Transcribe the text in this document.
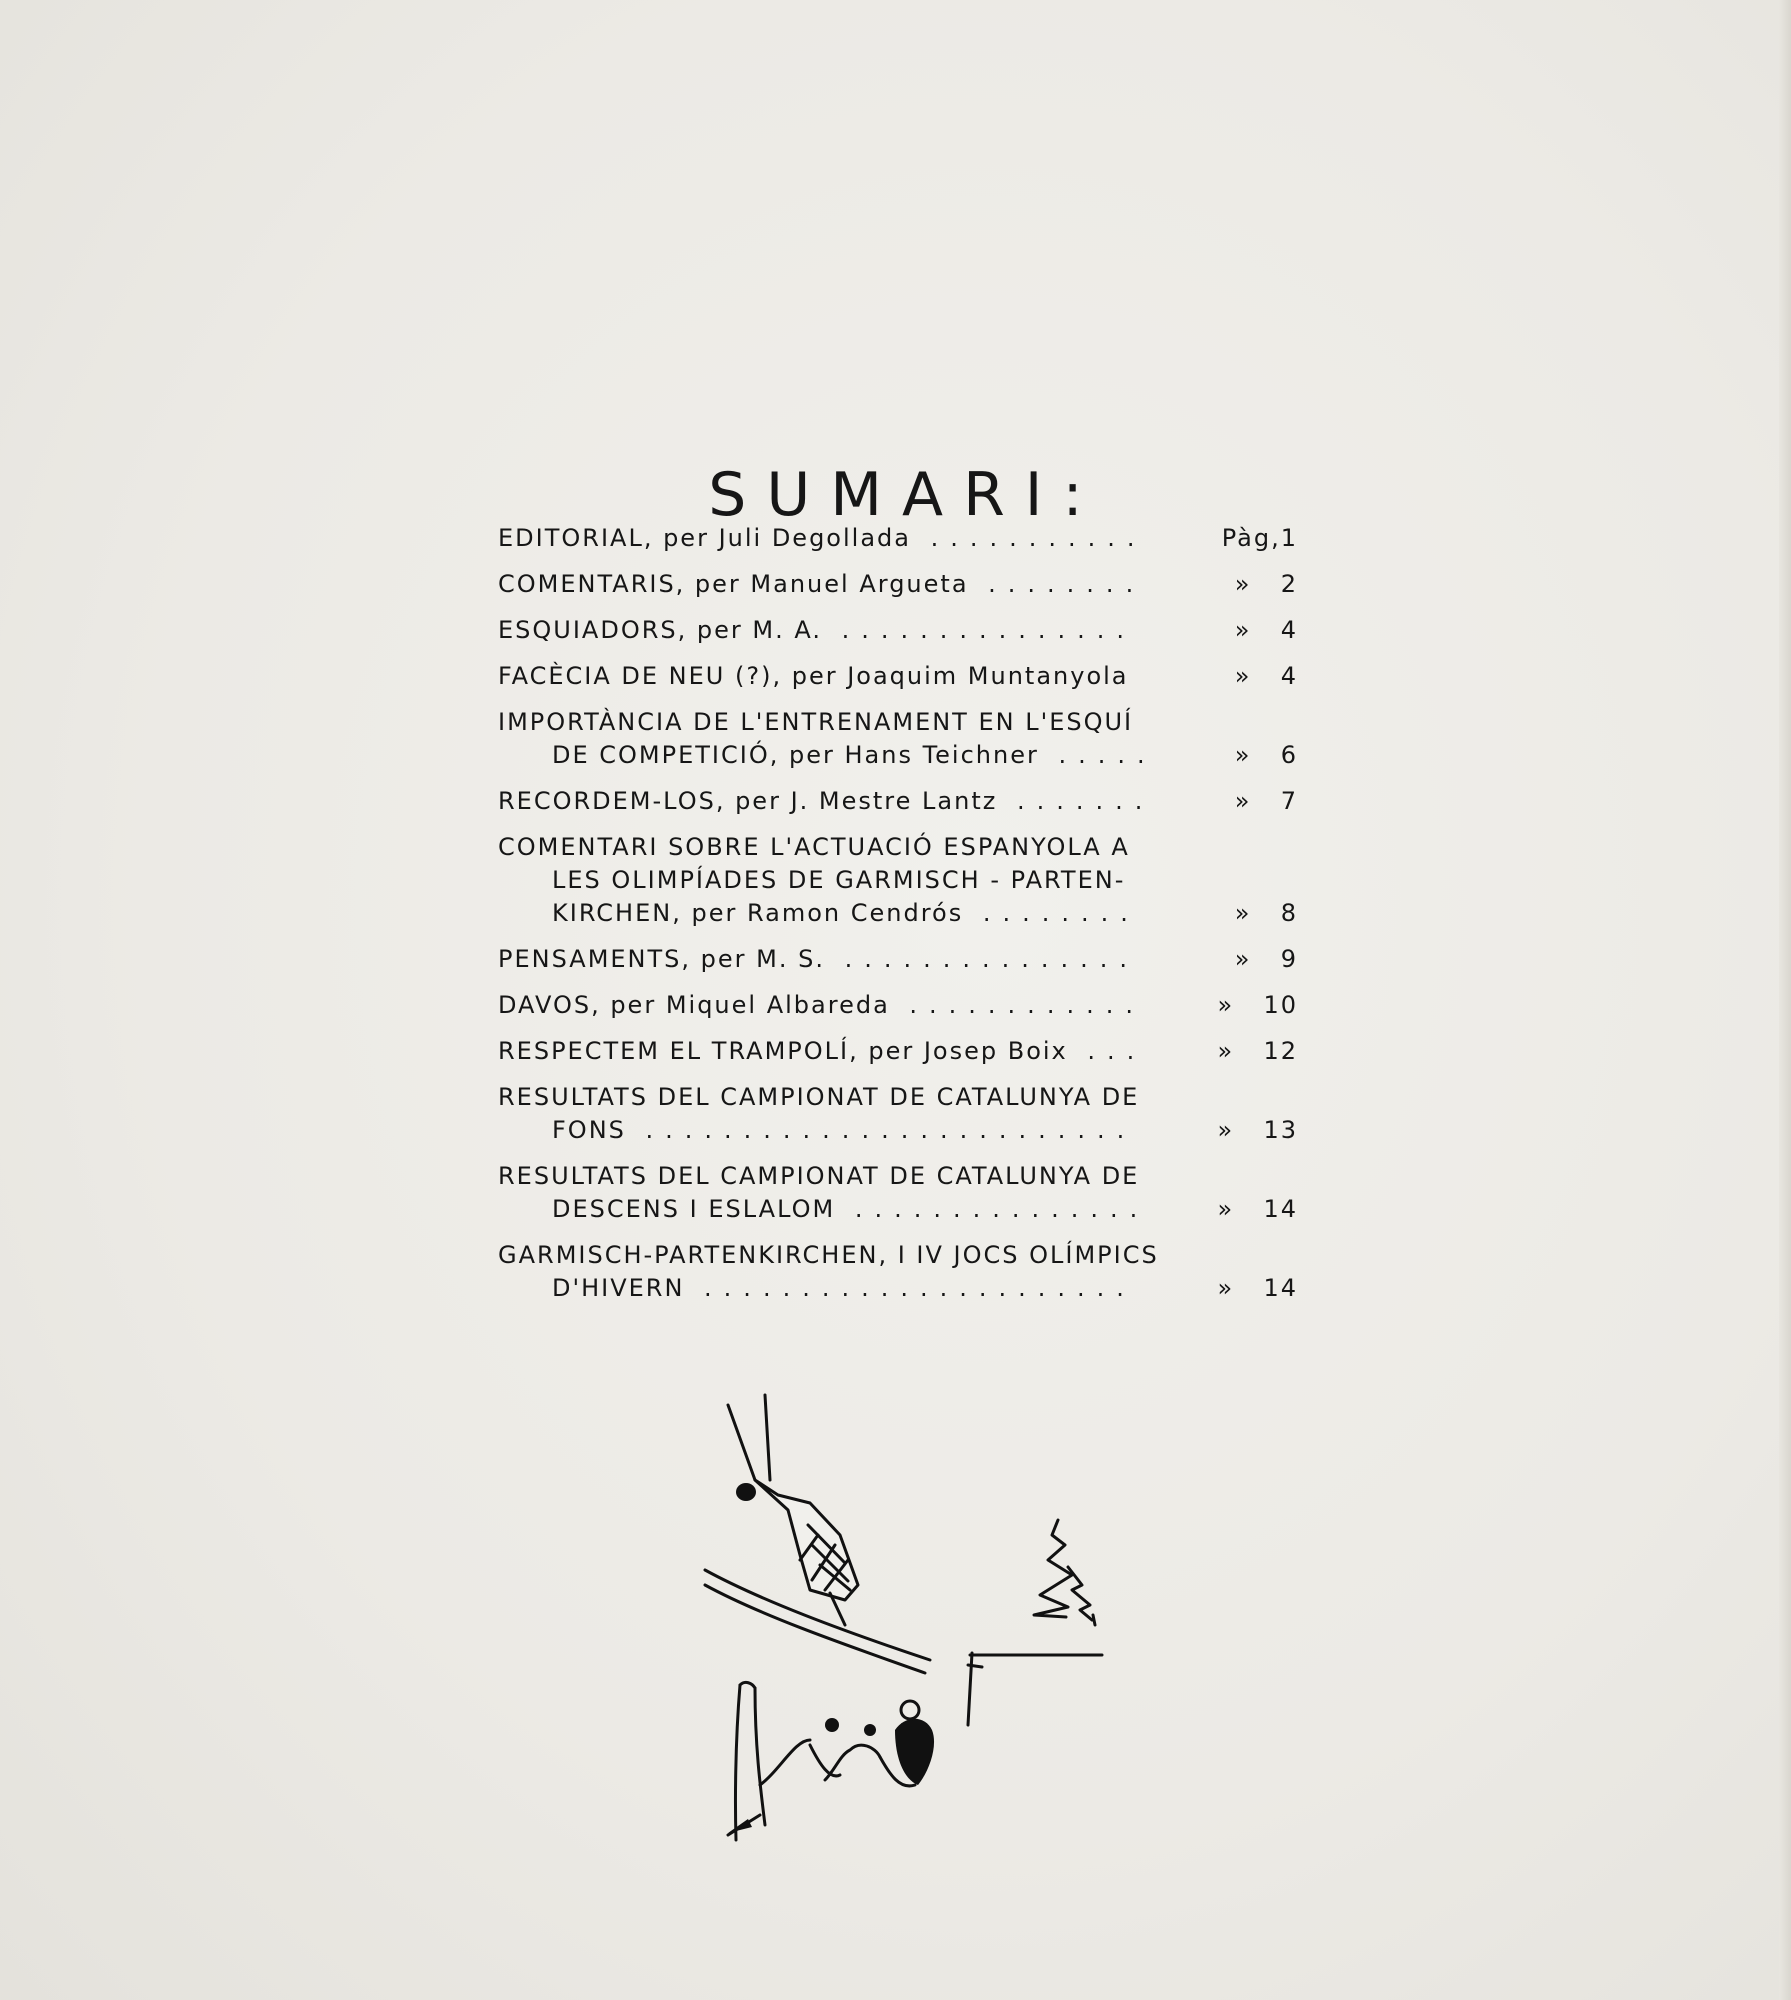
SUMARI:
EDITORIAL, per Juli Degollada ...........	Pàg,1
COMENTARIS, per Manuel Argueta ........	» 2
ESQUIADORS, per M. A. ...............	» 4
FACÈCIA DE NEU (?), per Joaquim Muntanyola	» 4
IMPORTÀNCIA DE L'ENTRENAMENT EN L'ESQUÍ
DE COMPETICIÓ, per Hans Teichner .....	» 6
RECORDEM-LOS, per J. Mestre Lantz .......	» 7
COMENTARI SOBRE L'ACTUACIÓ ESPANYOLA A
LES OLIMPÍADES DE GARMISCH - PARTEN-
KIRCHEN, per Ramon Cendrós ........	» 8
PENSAMENTS, per M. S. ...............	» 9
DAVOS, per Miquel Albareda ............	» 10
RESPECTEM EL TRAMPOLÍ, per Josep Boix ...	» 12
RESULTATS DEL CAMPIONAT DE CATALUNYA DE
FONS .........................	» 13
RESULTATS DEL CAMPIONAT DE CATALUNYA DE
DESCENS I ESLALOM ...............	» 14
GARMISCH-PARTENKIRCHEN, I IV JOCS OLÍMPICS
D'HIVERN ......................	» 14
